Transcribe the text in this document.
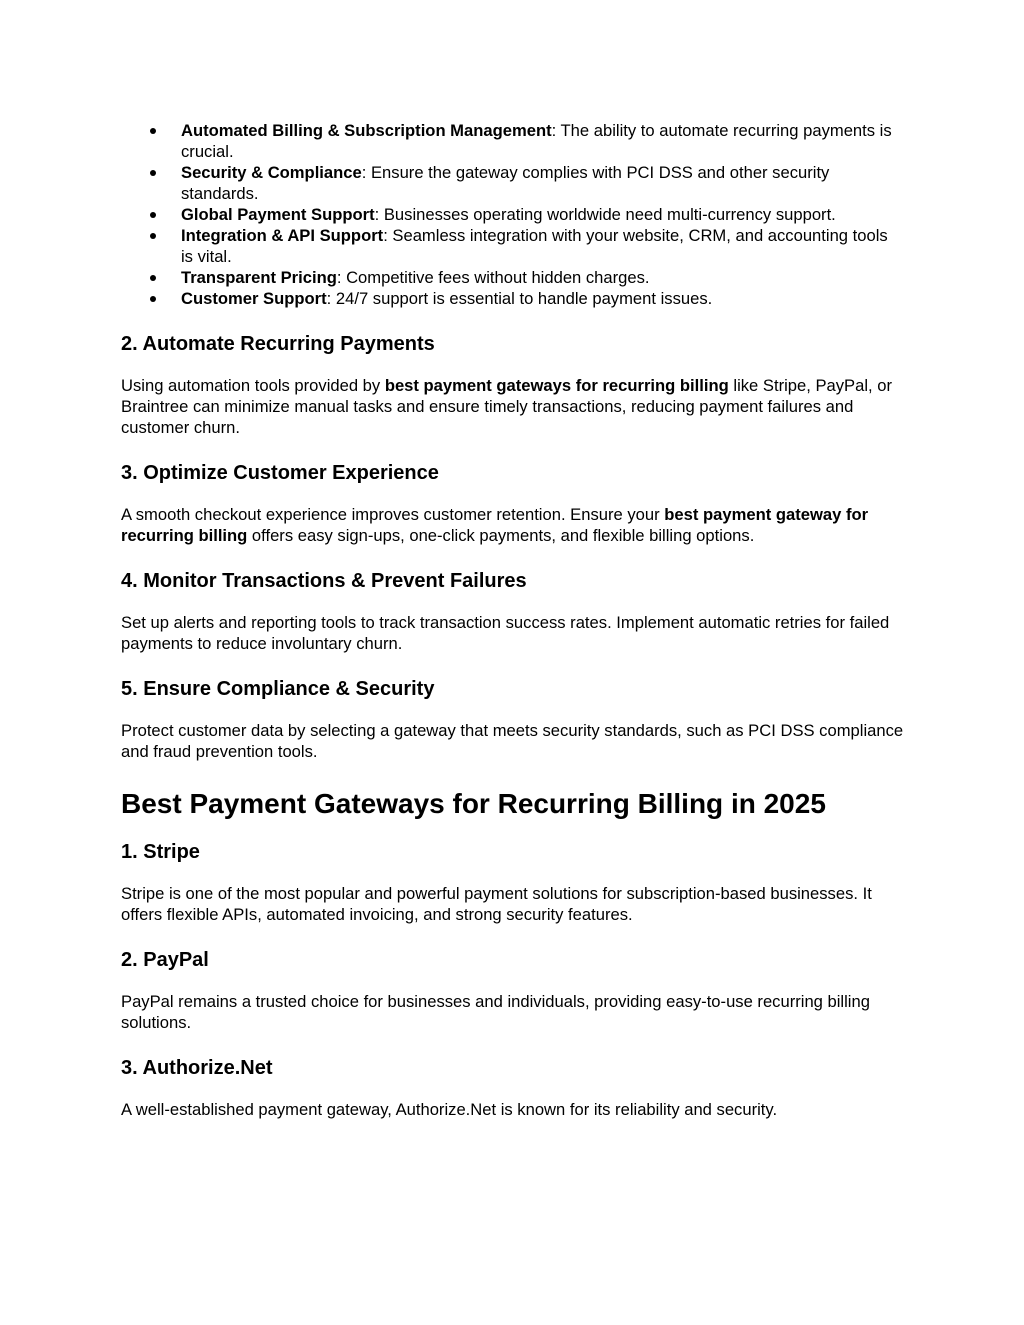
Automated Billing & Subscription Management: The ability to automate recurring payments is crucial.
Security & Compliance: Ensure the gateway complies with PCI DSS and other security standards.
Global Payment Support: Businesses operating worldwide need multi-currency support.
Integration & API Support: Seamless integration with your website, CRM, and accounting tools is vital.
Transparent Pricing: Competitive fees without hidden charges.
Customer Support: 24/7 support is essential to handle payment issues.
2. Automate Recurring Payments

Using automation tools provided by best payment gateways for recurring billing like Stripe, PayPal, or Braintree can minimize manual tasks and ensure timely transactions, reducing payment failures and customer churn.

3. Optimize Customer Experience

A smooth checkout experience improves customer retention. Ensure your best payment gateway for recurring billing offers easy sign-ups, one-click payments, and flexible billing options.

4. Monitor Transactions & Prevent Failures

Set up alerts and reporting tools to track transaction success rates. Implement automatic retries for failed payments to reduce involuntary churn.

5. Ensure Compliance & Security

Protect customer data by selecting a gateway that meets security standards, such as PCI DSS compliance and fraud prevention tools.

Best Payment Gateways for Recurring Billing in 2025
1. Stripe

Stripe is one of the most popular and powerful payment solutions for subscription-based businesses. It offers flexible APIs, automated invoicing, and strong security features.

2. PayPal

PayPal remains a trusted choice for businesses and individuals, providing easy-to-use recurring billing solutions.

3. Authorize.Net

A well-established payment gateway, Authorize.Net is known for its reliability and security.
